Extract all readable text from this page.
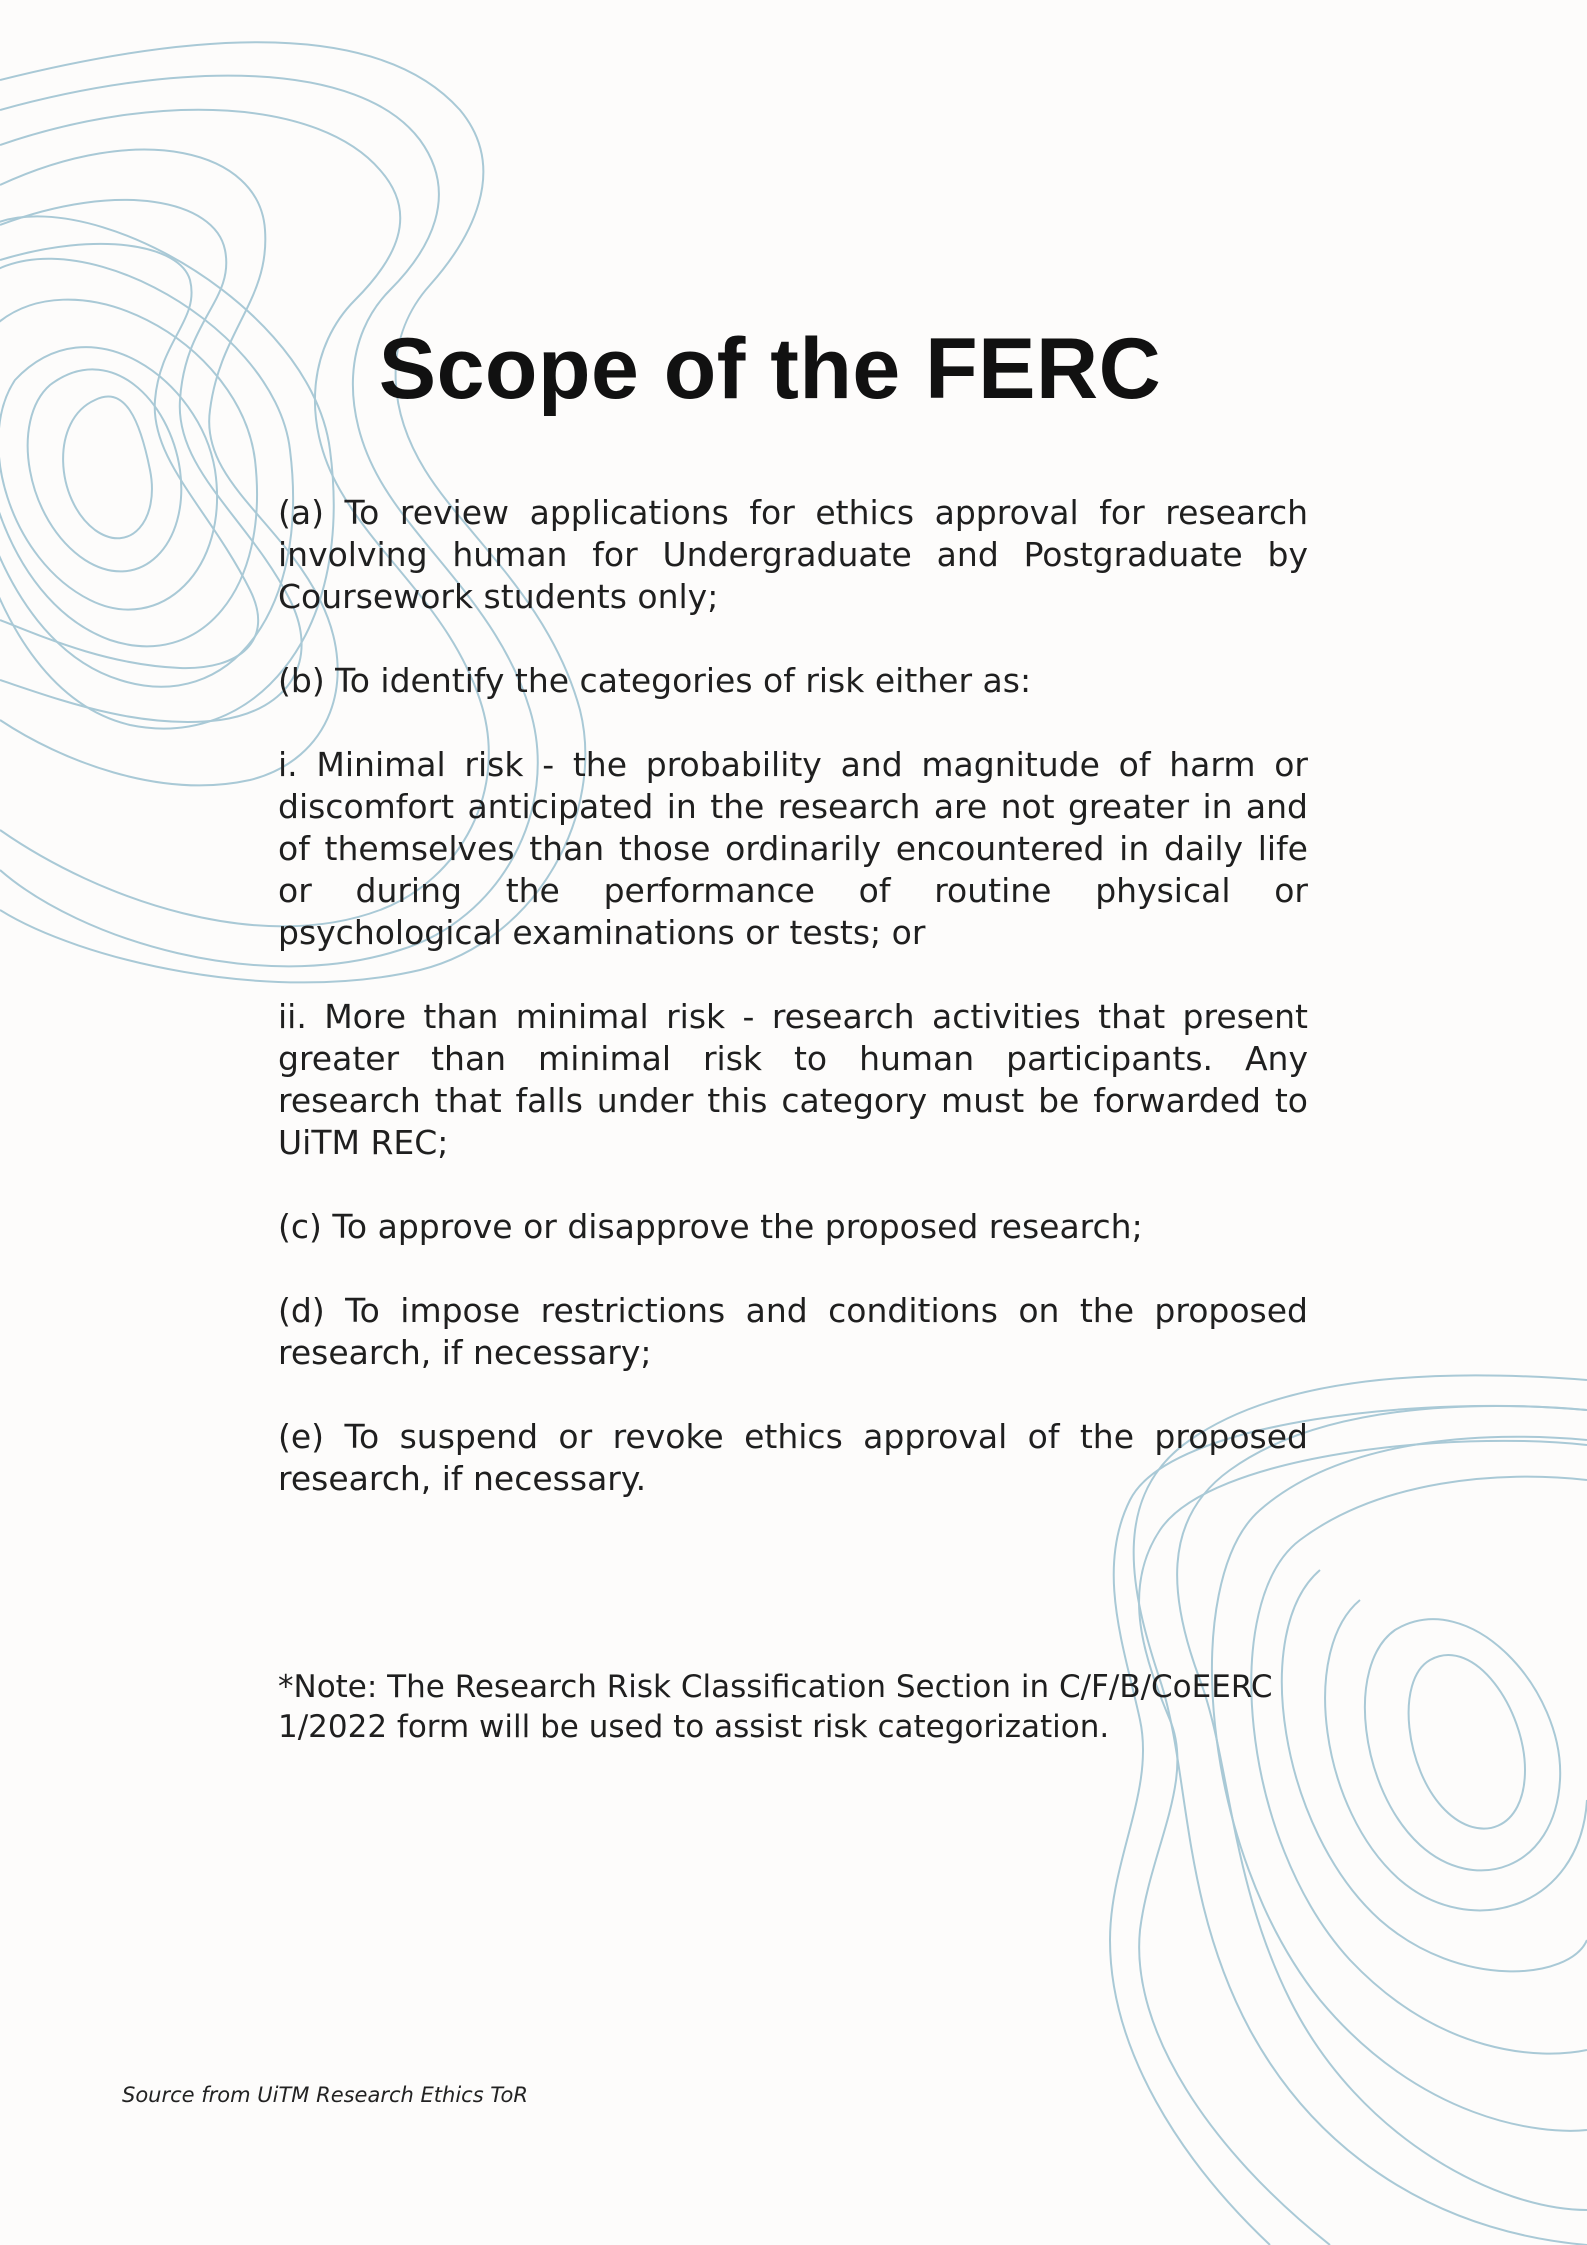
Scope of the FERC

(a) To review applications for ethics approval for research involving human for Undergraduate and Postgraduate by Coursework students only;

(b) To identify the categories of risk either as:

i. Minimal risk - the probability and magnitude of harm or discomfort anticipated in the research are not greater in and of themselves than those ordinarily encountered in daily life or during the performance of routine physical or psychological examinations or tests; or

ii. More than minimal risk - research activities that present greater than minimal risk to human participants. Any research that falls under this category must be forwarded to UiTM REC;

(c) To approve or disapprove the proposed research;

(d) To impose restrictions and conditions on the proposed research, if necessary;

(e) To suspend or revoke ethics approval of the proposed research, if necessary.

*Note: The Research Risk Classification Section in C/F/B/CoEERC 1/2022 form will be used to assist risk categorization.

Source from UiTM Research Ethics ToR
